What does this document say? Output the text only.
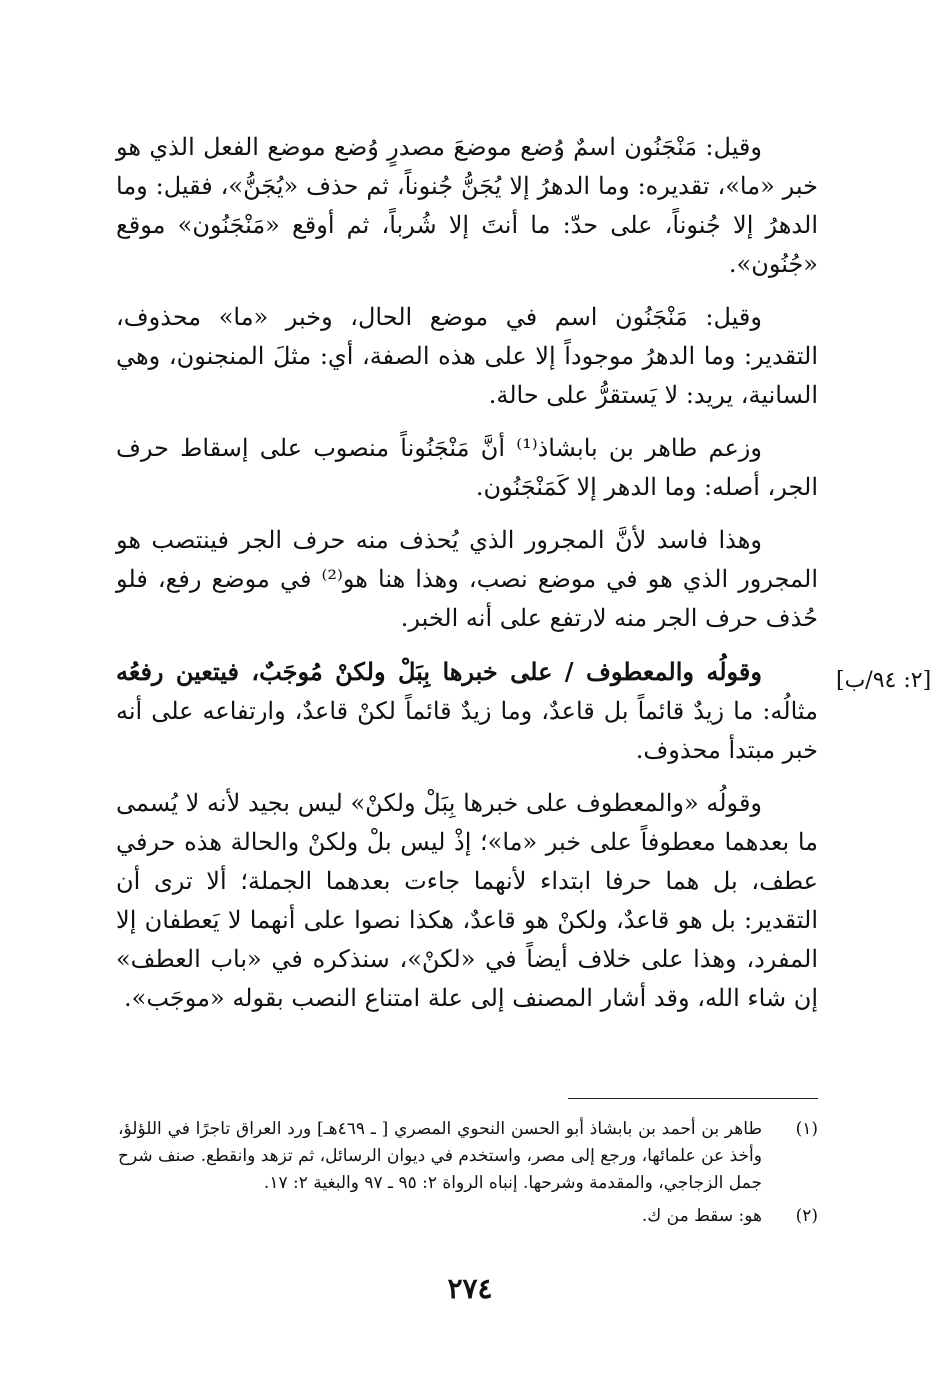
وقيل: مَنْجَنُون اسمٌ وُضع موضعَ مصدرٍ وُضع موضع الفعل الذي هو خبر «ما»، تقديره: وما الدهرُ إلا يُجَنُّ جُنوناً، ثم حذف «يُجَنُّ»، فقيل: وما الدهرُ إلا جُنوناً، على حدّ: ما أنتَ إلا شُرباً، ثم أوقع «مَنْجَنُون» موقع «جُنُون».

وقيل: مَنْجَنُون اسم في موضع الحال، وخبر «ما» محذوف، التقدير: وما الدهرُ موجوداً إلا على هذه الصفة، أي: مثلَ المنجنون، وهي السانية، يريد: لا يَستقرُّ على حالة.

وزعم طاهر بن بابشاذ⁽¹⁾ أنَّ مَنْجَنُوناً منصوب على إسقاط حرف الجر، أصله: وما الدهر إلا كَمَنْجَنُون.

وهذا فاسد لأنَّ المجرور الذي يُحذف منه حرف الجر فينتصب هو المجرور الذي هو في موضع نصب، وهذا هنا هو⁽²⁾ في موضع رفع، فلو حُذف حرف الجر منه لارتفع على أنه الخبر.

وقولُه والمعطوف / على خبرها بِبَلْ ولكنْ مُوجَبٌ، فيتعين رفعُه مثالُه: ما زيدٌ قائماً بل قاعدٌ، وما زيدٌ قائماً لكنْ قاعدٌ، وارتفاعه على أنه خبر مبتدأ محذوف.

وقولُه «والمعطوف على خبرها بِبَلْ ولكنْ» ليس بجيد لأنه لا يُسمى ما بعدهما معطوفاً على خبر «ما»؛ إذْ ليس بلْ ولكنْ والحالة هذه حرفي عطف، بل هما حرفا ابتداء لأنهما جاءت بعدهما الجملة؛ ألا ترى أن التقدير: بل هو قاعدٌ، ولكنْ هو قاعدٌ، هكذا نصوا على أنهما لا يَعطفان إلا المفرد، وهذا على خلاف أيضاً في «لكنْ»، سنذكره في «باب العطف» إن شاء الله، وقد أشار المصنف إلى علة امتناع النصب بقوله «موجَب».

[٢: ٩٤/ب]
(١)
طاهر بن أحمد بن بابشاذ أبو الحسن النحوي المصري [ ـ ٤٦٩هـ] ورد العراق تاجرًا في اللؤلؤ، وأخذ عن علمائها، ورجع إلى مصر، واستخدم في ديوان الرسائل، ثم تزهد وانقطع. صنف شرح جمل الزجاجي، والمقدمة وشرحها. إنباه الرواة ٢: ٩٥ ـ ٩٧ والبغية ٢: ١٧.
(٢)
هو: سقط من ك.
٢٧٤
